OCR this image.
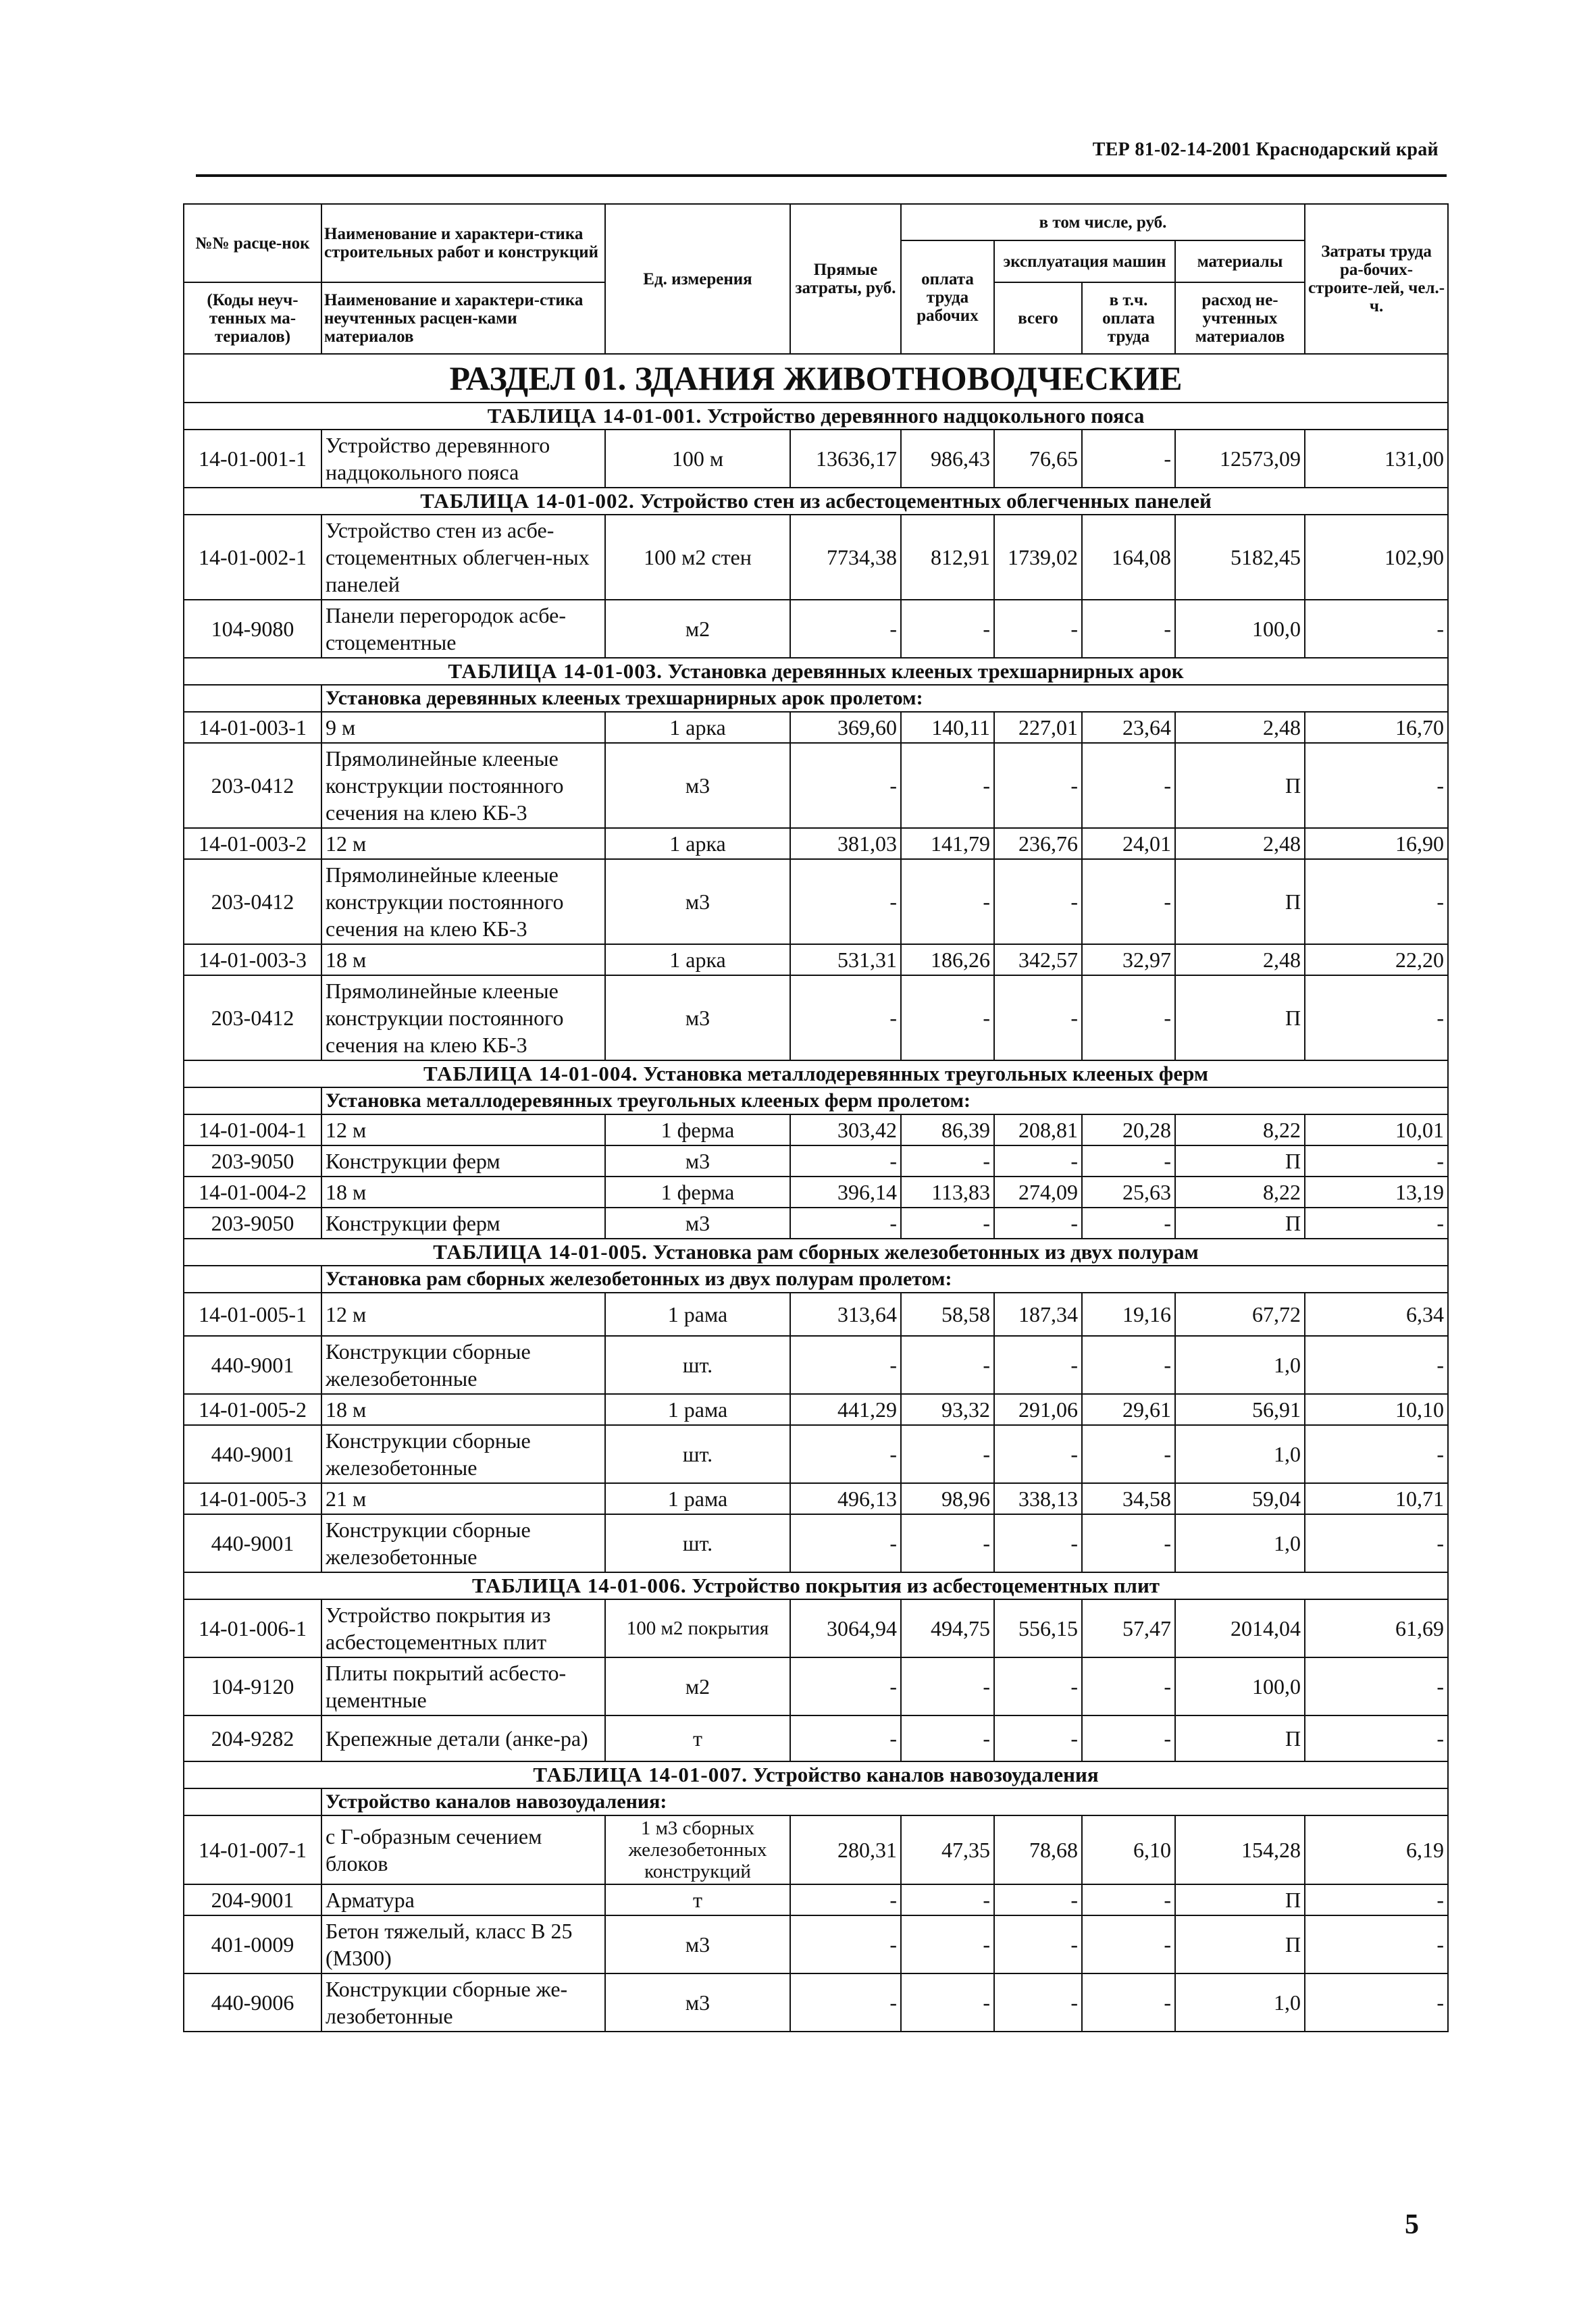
ТЕР 81-02-14-2001 Краснодарский край
№№ расце-нок	Наименование и характери-стика строительных работ и конструкций	Ед. измерения	Прямые затраты, руб.	в том числе, руб.				Затраты труда ра-бочих-строите-лей, чел.-ч.
				оплата труда рабочих	эксплуатация машин		материалы	
(Коды неуч-тенных ма-териалов)	Наименование и характери-стика неучтенных расцен-ками материалов				всего	в т.ч. оплата труда	расход не-учтенных материалов	

РАЗДЕЛ 01. ЗДАНИЯ ЖИВОТНОВОДЧЕСКИЕ								
ТАБЛИЦА 14-01-001. Устройство деревянного надцокольного пояса								
14-01-001-1	Устройство деревянного надцокольного пояса	100 м	13636,17	986,43	76,65	-	12573,09	131,00
ТАБЛИЦА 14-01-002. Устройство стен из асбестоцементных облегченных панелей								
14-01-002-1	Устройство стен из асбе-стоцементных облегчен-ных панелей	100 м2 стен	7734,38	812,91	1739,02	164,08	5182,45	102,90
104-9080	Панели перегородок асбе-стоцементные	м2	-	-	-	-	100,0	-
ТАБЛИЦА 14-01-003. Установка деревянных клееных трехшарнирных арок								
	Установка деревянных клееных трехшарнирных арок пролетом:							
14-01-003-1	9 м	1 арка	369,60	140,11	227,01	23,64	2,48	16,70
203-0412	Прямолинейные клееные конструкции постоянного сечения на клею КБ-3	м3	-	-	-	-	П	-
14-01-003-2	12 м	1 арка	381,03	141,79	236,76	24,01	2,48	16,90
203-0412	Прямолинейные клееные конструкции постоянного сечения на клею КБ-3	м3	-	-	-	-	П	-
14-01-003-3	18 м	1 арка	531,31	186,26	342,57	32,97	2,48	22,20
203-0412	Прямолинейные клееные конструкции постоянного сечения на клею КБ-3	м3	-	-	-	-	П	-
ТАБЛИЦА 14-01-004. Установка металлодеревянных треугольных клееных ферм								
	Установка металлодеревянных треугольных клееных ферм пролетом:							
14-01-004-1	12 м	1 ферма	303,42	86,39	208,81	20,28	8,22	10,01
203-9050	Конструкции ферм	м3	-	-	-	-	П	-
14-01-004-2	18 м	1 ферма	396,14	113,83	274,09	25,63	8,22	13,19
203-9050	Конструкции ферм	м3	-	-	-	-	П	-
ТАБЛИЦА 14-01-005. Установка рам сборных железобетонных из двух полурам								
	Установка рам сборных железобетонных из двух полурам пролетом:							
14-01-005-1	12 м	1 рама	313,64	58,58	187,34	19,16	67,72	6,34
440-9001	Конструкции сборные железобетонные	шт.	-	-	-	-	1,0	-
14-01-005-2	18 м	1 рама	441,29	93,32	291,06	29,61	56,91	10,10
440-9001	Конструкции сборные железобетонные	шт.	-	-	-	-	1,0	-
14-01-005-3	21 м	1 рама	496,13	98,96	338,13	34,58	59,04	10,71
440-9001	Конструкции сборные железобетонные	шт.	-	-	-	-	1,0	-
ТАБЛИЦА 14-01-006. Устройство покрытия из асбестоцементных плит								
14-01-006-1	Устройство покрытия из асбестоцементных плит	100 м2 покрытия	3064,94	494,75	556,15	57,47	2014,04	61,69
104-9120	Плиты покрытий асбесто-цементные	м2	-	-	-	-	100,0	-
204-9282	Крепежные детали (анке-ра)	т	-	-	-	-	П	-
ТАБЛИЦА 14-01-007. Устройство каналов навозоудаления								
	Устройство каналов навозоудаления:							
14-01-007-1	с Г-образным сечением блоков	1 м3 сборных железобетонных конструкций	280,31	47,35	78,68	6,10	154,28	6,19
204-9001	Арматура	т	-	-	-	-	П	-
401-0009	Бетон тяжелый, класс В 25 (М300)	м3	-	-	-	-	П	-
440-9006	Конструкции сборные же-лезобетонные	м3	-	-	-	-	1,0	-
5
